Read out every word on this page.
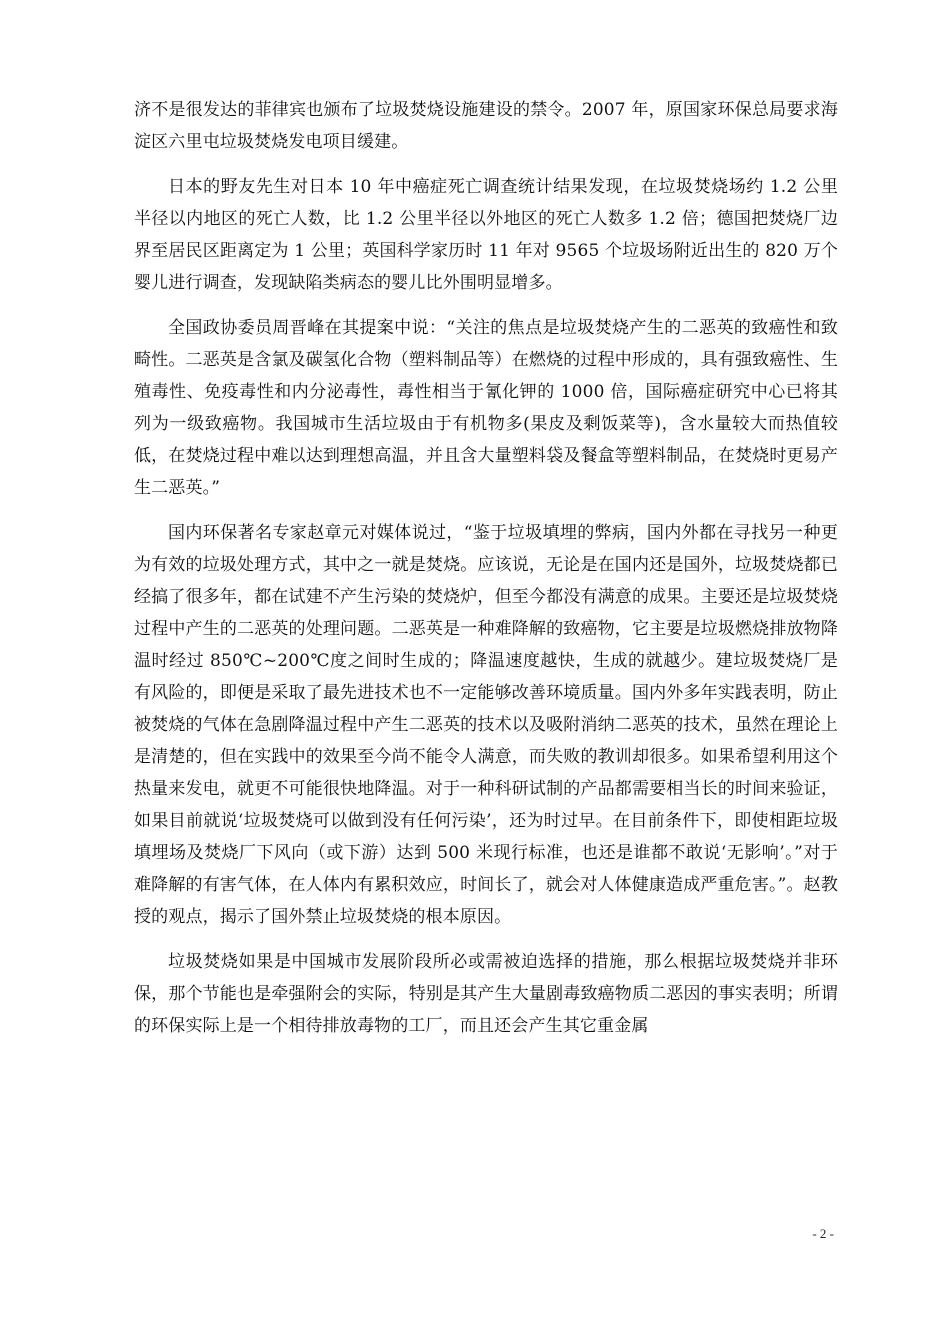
济不是很发达的菲律宾也颁布了垃圾焚烧设施建设的禁令。2007 年，原国家环保总局要求海淀区六里屯垃圾焚烧发电项目缓建。

日本的野友先生对日本 10 年中癌症死亡调查统计结果发现，在垃圾焚烧场约 1.2 公里半径以内地区的死亡人数，比 1.2 公里半径以外地区的死亡人数多 1.2 倍；德国把焚烧厂边界至居民区距离定为 1 公里；英国科学家历时 11 年对 9565 个垃圾场附近出生的 820 万个婴儿进行调查，发现缺陷类病态的婴儿比外围明显增多。

全国政协委员周晋峰在其提案中说：“关注的焦点是垃圾焚烧产生的二恶英的致癌性和致畸性。二恶英是含氯及碳氢化合物（塑料制品等）在燃烧的过程中形成的，具有强致癌性、生殖毒性、免疫毒性和内分泌毒性，毒性相当于氰化钾的 1000 倍，国际癌症研究中心已将其列为一级致癌物。我国城市生活垃圾由于有机物多(果皮及剩饭菜等)，含水量较大而热值较低，在焚烧过程中难以达到理想高温，并且含大量塑料袋及餐盒等塑料制品，在焚烧时更易产生二恶英。”

国内环保著名专家赵章元对媒体说过，“鉴于垃圾填埋的弊病，国内外都在寻找另一种更为有效的垃圾处理方式，其中之一就是焚烧。应该说，无论是在国内还是国外，垃圾焚烧都已经搞了很多年，都在试建不产生污染的焚烧炉，但至今都没有满意的成果。主要还是垃圾焚烧过程中产生的二恶英的处理问题。二恶英是一种难降解的致癌物，它主要是垃圾燃烧排放物降温时经过 850℃~200℃度之间时生成的；降温速度越快，生成的就越少。建垃圾焚烧厂是有风险的，即便是采取了最先进技术也不一定能够改善环境质量。国内外多年实践表明，防止被焚烧的气体在急剧降温过程中产生二恶英的技术以及吸附消纳二恶英的技术，虽然在理论上是清楚的，但在实践中的效果至今尚不能令人满意，而失败的教训却很多。如果希望利用这个热量来发电，就更不可能很快地降温。对于一种科研试制的产品都需要相当长的时间来验证，如果目前就说‘垃圾焚烧可以做到没有任何污染’，还为时过早。在目前条件下，即使相距垃圾填埋场及焚烧厂下风向（或下游）达到 500 米现行标准，也还是谁都不敢说‘无影响’。”对于难降解的有害气体，在人体内有累积效应，时间长了，就会对人体健康造成严重危害。”。赵教授的观点，揭示了国外禁止垃圾焚烧的根本原因。

垃圾焚烧如果是中国城市发展阶段所必或需被迫选择的措施，那么根据垃圾焚烧并非环保，那个节能也是牵强附会的实际，特别是其产生大量剧毒致癌物质二恶因的事实表明；所谓的环保实际上是一个相待排放毒物的工厂，而且还会产生其它重金属

- 2 -
